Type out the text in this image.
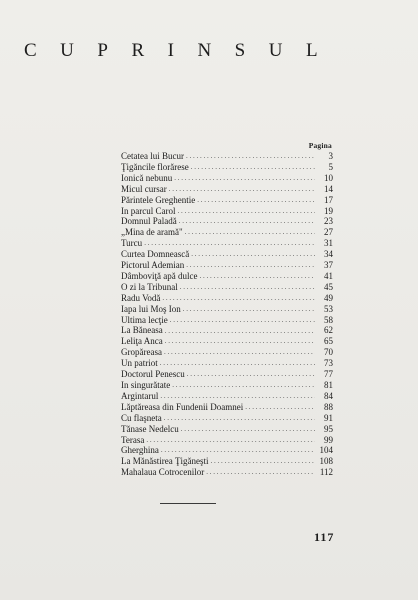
CUPRINSUL
Pagina
Cetatea lui Bucur . . .	3
Ţigăncile florărese . . .	5
Ionică nebunu . . .	10
Micul cursar . . .	14
Părintele Greghentie . . .	17
In parcul Carol . . .	19
Domnul Paladă . . .	23
„Mina de aramă" . . .	27
Turcu . . .	31
Curtea Domnească . . .	34
Pictorul Ademian . . .	37
Dâmboviţă apă dulce . . .	41
O zi la Tribunal . . .	45
Radu Vodă . . .	49
Iapa lui Moş Ion . . .	53
Ultima lecţie . . .	58
La Băneasa . . .	62
Leliţa Anca . . .	65
Gropăreasa . . .	70
Un patriot . . .	73
Doctorul Penescu . . .	77
In singurătate . . .	81
Argintarul . . .	84
Lăptăreasa din Fundenii Doamnei . . .	88
Cu flaşneta . . .	91
Tănase Nedelcu . . .	95
Terasa . . .	99
Gherghina . . .	104
La Mănăstirea Ţigăneşti . . .	108
Mahalaua Cotrocenilor . . .	112
117
